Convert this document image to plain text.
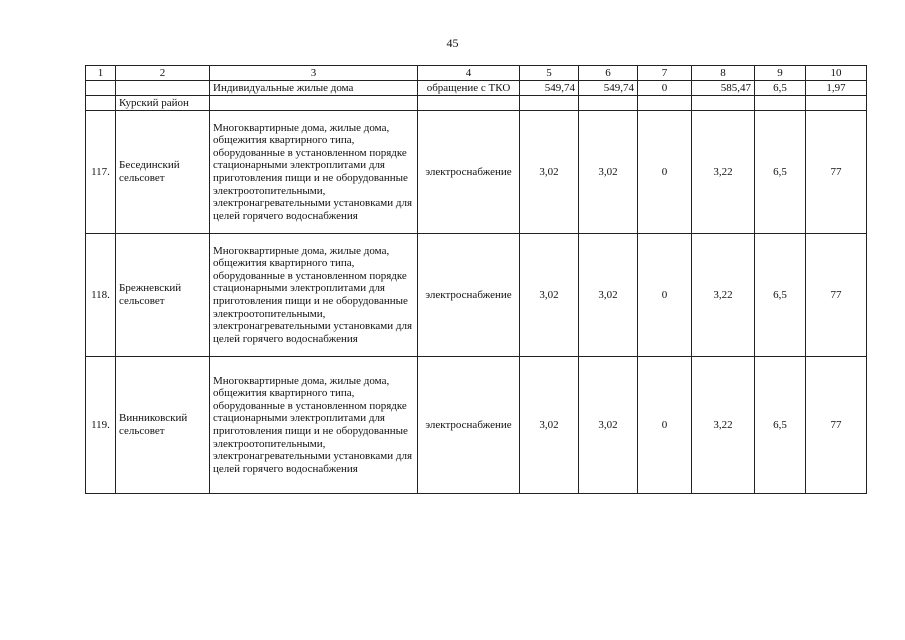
45
1	2	3	4	5	6	7	8	9	10
		Индивидуальные жилые дома	обращение с ТКО	549,74	549,74	0	585,47	6,5	1,97
	Курский район								
117.	Бесединский сельсовет	Многоквартирные дома, жилые дома, общежития квартирного типа, оборудованные в установленном порядке стационарными электроплитами для приготовления пищи и не оборудованные электроотопительными, электронагревательными установками для целей горячего водоснабжения	электроснабжение	3,02	3,02	0	3,22	6,5	77
118.	Брежневский сельсовет	Многоквартирные дома, жилые дома, общежития квартирного типа, оборудованные в установленном порядке стационарными электроплитами для приготовления пищи и не оборудованные электроотопительными, электронагревательными установками для целей горячего водоснабжения	электроснабжение	3,02	3,02	0	3,22	6,5	77
119.	Винниковский сельсовет	Многоквартирные дома, жилые дома, общежития квартирного типа, оборудованные в установленном порядке стационарными электроплитами для приготовления пищи и не оборудованные электроотопительными, электронагревательными установками для целей горячего водоснабжения	электроснабжение	3,02	3,02	0	3,22	6,5	77
